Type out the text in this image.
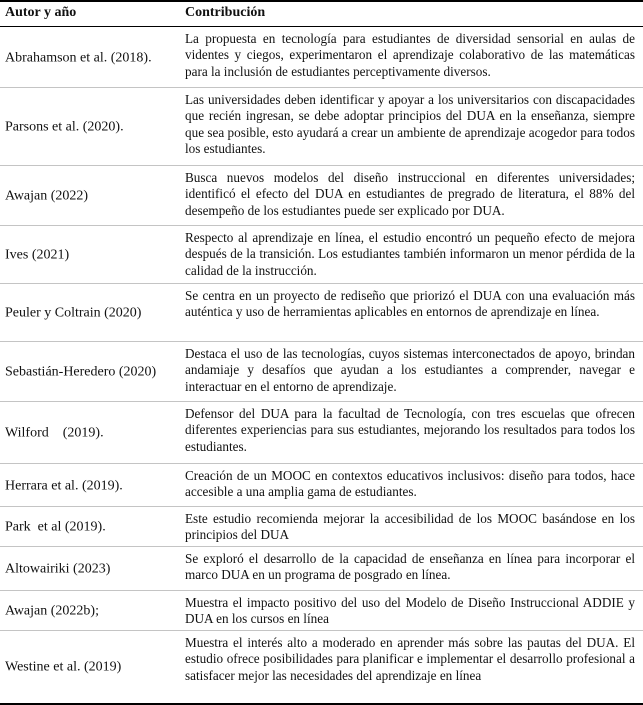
Autor y año	Contribución
Abrahamson et al. (2018).
La propuesta en tecnología para estudiantes de diversidad sensorial en aulas de videntes y ciegos, experimentaron el aprendizaje colaborativo de las matemáticas para la inclusión de estudiantes perceptivamente diversos.
Parsons et al. (2020).
Las universidades deben identificar y apoyar a los universitarios con discapacidades que recién ingresan, se debe adoptar principios del DUA en la enseñanza, siempre que sea posible, esto ayudará a crear un ambiente de aprendizaje acogedor para todos los estudiantes.
Awajan (2022)
Busca nuevos modelos del diseño instruccional en diferentes universidades; identificó el efecto del DUA en estudiantes de pregrado de literatura, el 88% del desempeño de los estudiantes puede ser explicado por DUA.
Ives (2021)
Respecto al aprendizaje en línea, el estudio encontró un pequeño efecto de mejora después de la transición. Los estudiantes también informaron un menor pérdida de la calidad de la instrucción.
Peuler y Coltrain (2020)
Se centra en un proyecto de rediseño que priorizó el DUA con una evaluación más auténtica y uso de herramientas aplicables en entornos de aprendizaje en línea.
Sebastián-Heredero (2020)
Destaca el uso de las tecnologías, cuyos sistemas interconectados de apoyo, brindan andamiaje y desafíos que ayudan a los estudiantes a comprender, navegar e interactuar en el entorno de aprendizaje.
Wilford    (2019).
Defensor del DUA para la facultad de Tecnología, con tres escuelas que ofrecen diferentes experiencias para sus estudiantes, mejorando los resultados para todos los estudiantes.
Herrara et al. (2019).
Creación de un MOOC en contextos educativos inclusivos: diseño para todos, hace accesible a una amplia gama de estudiantes.
Park  et al (2019).
Este estudio recomienda mejorar la accesibilidad de los MOOC basándose en los principios del DUA
Altowairiki (2023)
Se exploró el desarrollo de la capacidad de enseñanza en línea para incorporar el marco DUA en un programa de posgrado en línea.
Awajan (2022b);
Muestra el impacto positivo del uso del Modelo de Diseño Instruccional ADDIE y DUA en los cursos en línea
Westine et al. (2019)
Muestra el interés alto a moderado en aprender más sobre las pautas del DUA. El estudio ofrece posibilidades para planificar e implementar el desarrollo profesional a satisfacer mejor las necesidades del aprendizaje en línea
